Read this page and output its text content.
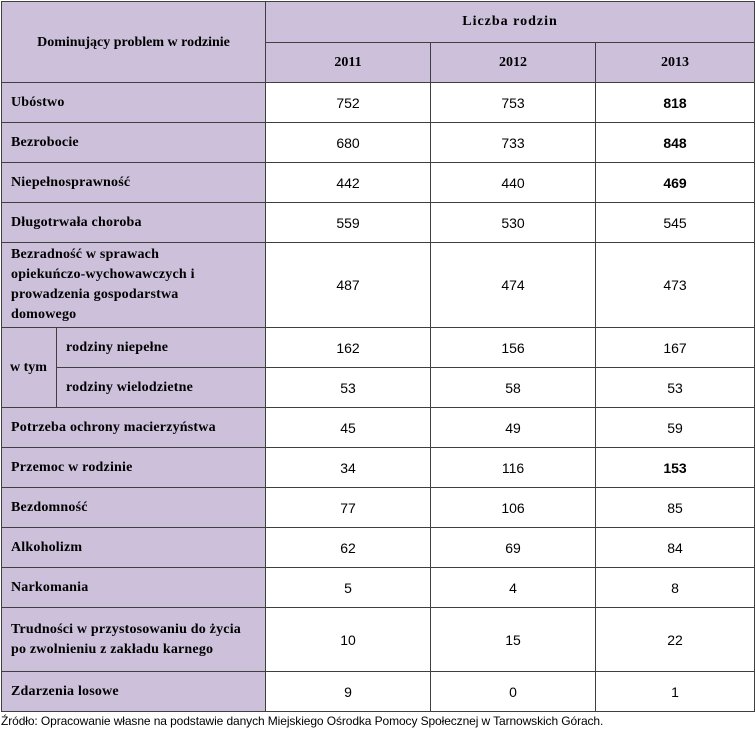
Dominujący problem w rodzinie		Liczba rodzin		
		2011	2012	2013
Ubóstwo		752	753	818
Bezrobocie		680	733	848
Niepełnosprawność		442	440	469
Długotrwała choroba		559	530	545
Bezradność w sprawach opiekuńczo-wychowawczych i prowadzenia gospodarstwa domowego		487	474	473
w tym	rodziny niepełne	162	156	167
	rodziny wielodzietne	53	58	53
Potrzeba ochrony macierzyństwa		45	49	59
Przemoc w rodzinie		34	116	153
Bezdomność		77	106	85
Alkoholizm		62	69	84
Narkomania		5	4	8
Trudności w przystosowaniu do życia po zwolnieniu z zakładu karnego		10	15	22
Zdarzenia losowe		9	0	1
Źródło: Opracowanie własne na podstawie danych Miejskiego Ośrodka Pomocy Społecznej w Tarnowskich Górach.
